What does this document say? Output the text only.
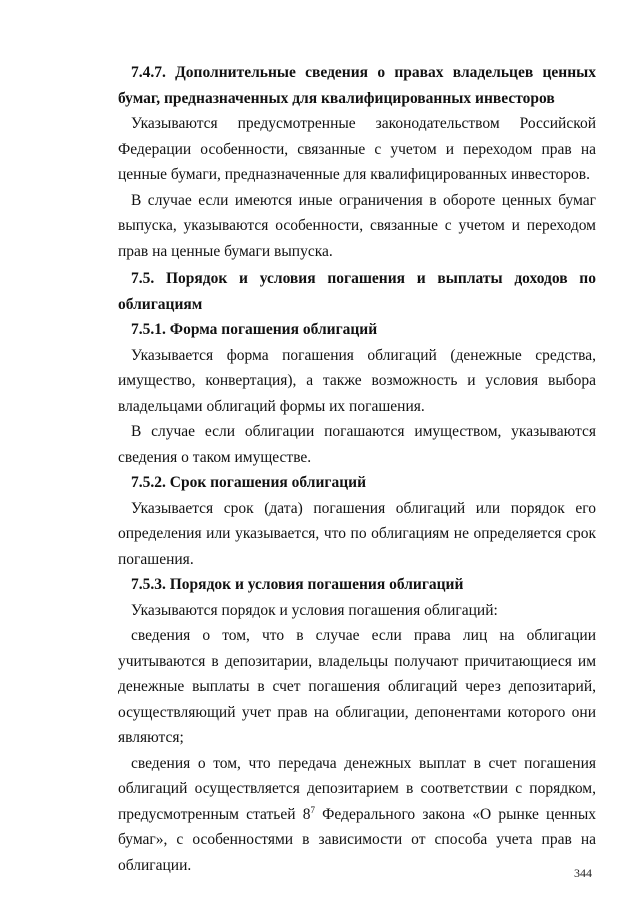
7.4.7. Дополнительные сведения о правах владельцев ценных бумаг, предназначенных для квалифицированных инвесторов

Указываются предусмотренные законодательством Российской Федерации особенности, связанные с учетом и переходом прав на ценные бумаги, предназначенные для квалифицированных инвесторов.

В случае если имеются иные ограничения в обороте ценных бумаг выпуска, указываются особенности, связанные с учетом и переходом прав на ценные бумаги выпуска.

7.5. Порядок и условия погашения и выплаты доходов по облигациям

7.5.1. Форма погашения облигаций

Указывается форма погашения облигаций (денежные средства, имущество, конвертация), а также возможность и условия выбора владельцами облигаций формы их погашения.

В случае если облигации погашаются имуществом, указываются сведения о таком имуществе.

7.5.2. Срок погашения облигаций

Указывается срок (дата) погашения облигаций или порядок его определения или указывается, что по облигациям не определяется срок погашения.

7.5.3. Порядок и условия погашения облигаций

Указываются порядок и условия погашения облигаций:

сведения о том, что в случае если права лиц на облигации учитываются в депозитарии, владельцы получают причитающиеся им денежные выплаты в счет погашения облигаций через депозитарий, осуществляющий учет прав на облигации, депонентами которого они являются;

сведения о том, что передача денежных выплат в счет погашения облигаций осуществляется депозитарием в соответствии с порядком, предусмотренным статьей $8^7$ Федерального закона «О рынке ценных бумаг», с особенностями в зависимости от способа учета прав на облигации.	344
